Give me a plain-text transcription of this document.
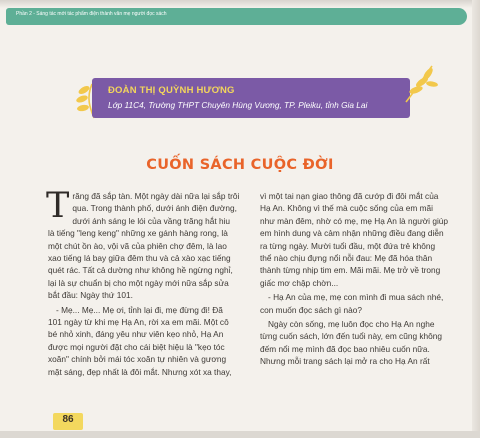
Phần 2 - Sáng tác mới tác phẩm điện thành văn mẹ người đọc sách
ĐOÀN THỊ QUỲNH HƯƠNG
Lớp 11C4, Trường THPT Chuyên Hùng Vương, TP. Pleiku, tỉnh Gia Lai
CUỐN SÁCH CUỘC ĐỜI

T răng đã sắp tàn. Một ngày dài nữa lại sắp trôi
qua. Trong thành phố, dưới ánh điện đường,
dưới ánh sáng le lói của vầng trăng hắt hiu
là tiếng "leng keng" những xe gánh hàng rong, là
một chút ồn ào, vội vã của phiên chợ đêm, là lao
xao tiếng lá bay giữa đêm thu và cả xào xạc tiếng
quét rác. Tất cả dường như không hề ngừng nghỉ,
lại là sự chuẩn bị cho một ngày mới nữa sắp sửa
bắt đầu: Ngày thứ 101.

- Mẹ... Mẹ... Mẹ ơi, tỉnh lại đi, mẹ đừng đi! Đã
101 ngày từ khi mẹ Hạ An, rời xa em mãi. Một cô
bé nhỏ xinh, đáng yêu như viên kẹo nhỏ, Hạ An
được mọi người đặt cho cái biệt hiệu là "kẹo tóc
xoăn" chính bởi mái tóc xoăn tự nhiên và gương
mặt sáng, đẹp nhất là đôi mắt. Nhưng xót xa thay,

vì một tai nạn giao thông đã cướp đi đôi mắt của
Hạ An. Không vì thế mà cuộc sống của em mãi
như màn đêm, nhờ có mẹ, mẹ Hạ An là người giúp
em hình dung và cảm nhận những điều đang diễn
ra từng ngày. Mười tuổi đầu, một đứa trẻ không
thể nào chịu đựng nổi nỗi đau: Mẹ đã hóa thân
thành từng nhịp tim em. Mãi mãi. Mẹ trở về trong
giấc mơ chập chờn...

- Hạ An của mẹ, mẹ con mình đi mua sách nhé,
con muốn đọc sách gì nào?

Ngày còn sống, mẹ luôn đọc cho Hạ An nghe
từng cuốn sách, lớn đến tuổi này, em cũng không
đếm nổi mẹ mình đã đọc bao nhiêu cuốn nữa.
Nhưng mỗi trang sách lại mở ra cho Hạ An rất

86
